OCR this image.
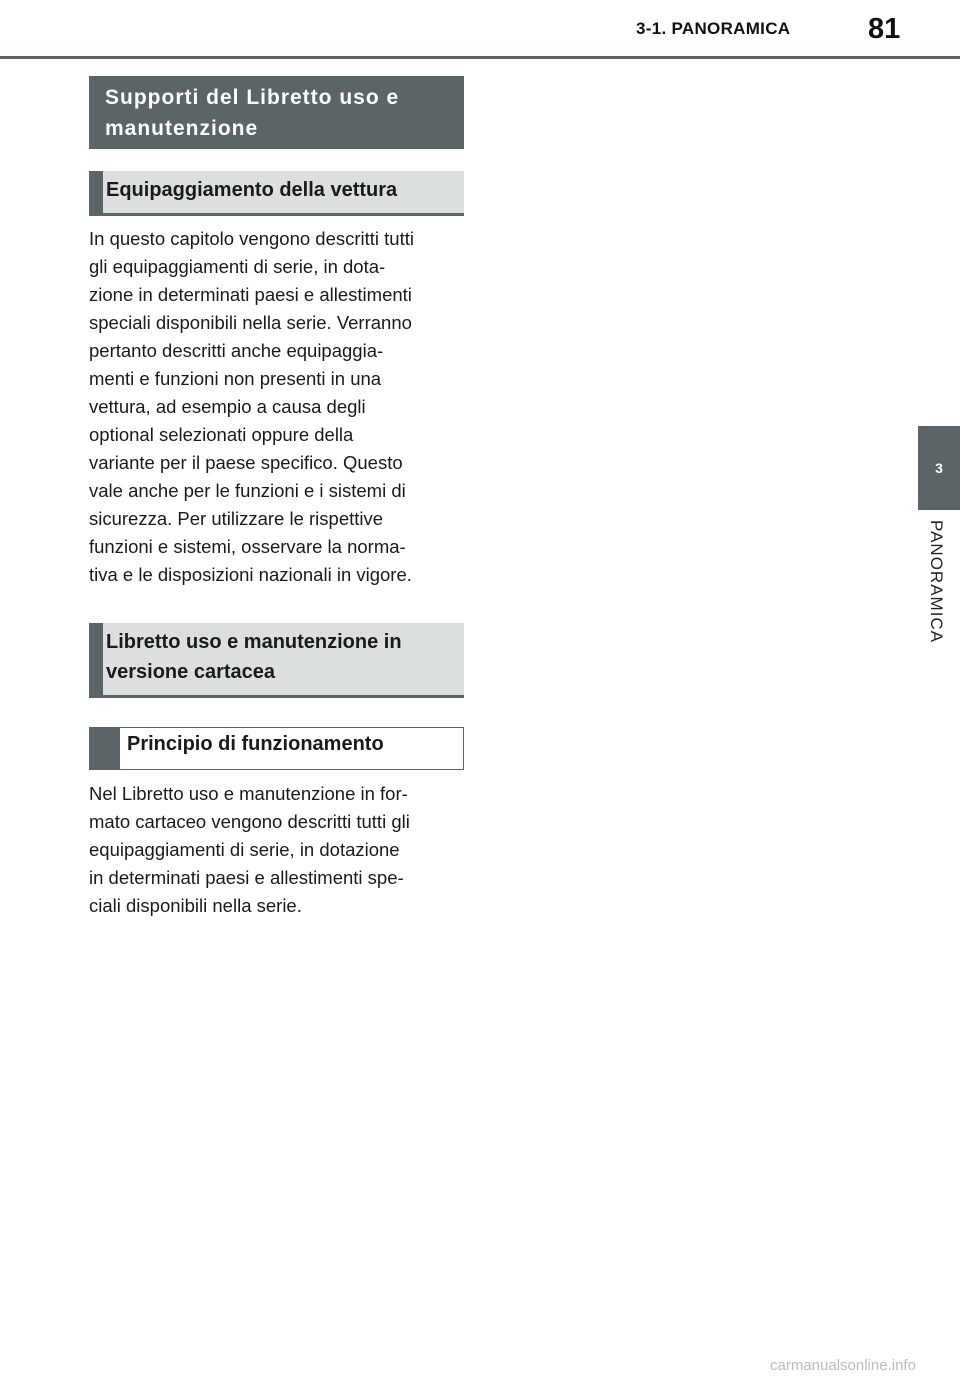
3-1. PANORAMICA	81
3
PANORAMICA
Supporti del Libretto uso e
manutenzione
Equipaggiamento della vettura
In questo capitolo vengono descritti tutti
gli equipaggiamenti di serie, in dota-
zione in determinati paesi e allestimenti
speciali disponibili nella serie. Verranno
pertanto descritti anche equipaggia-
menti e funzioni non presenti in una
vettura, ad esempio a causa degli
optional selezionati oppure della
variante per il paese specifico. Questo
vale anche per le funzioni e i sistemi di
sicurezza. Per utilizzare le rispettive
funzioni e sistemi, osservare la norma-
tiva e le disposizioni nazionali in vigore.
Libretto uso e manutenzione in
versione cartacea
Principio di funzionamento
Nel Libretto uso e manutenzione in for-
mato cartaceo vengono descritti tutti gli
equipaggiamenti di serie, in dotazione
in determinati paesi e allestimenti spe-
ciali disponibili nella serie.
carmanualsonline.info
